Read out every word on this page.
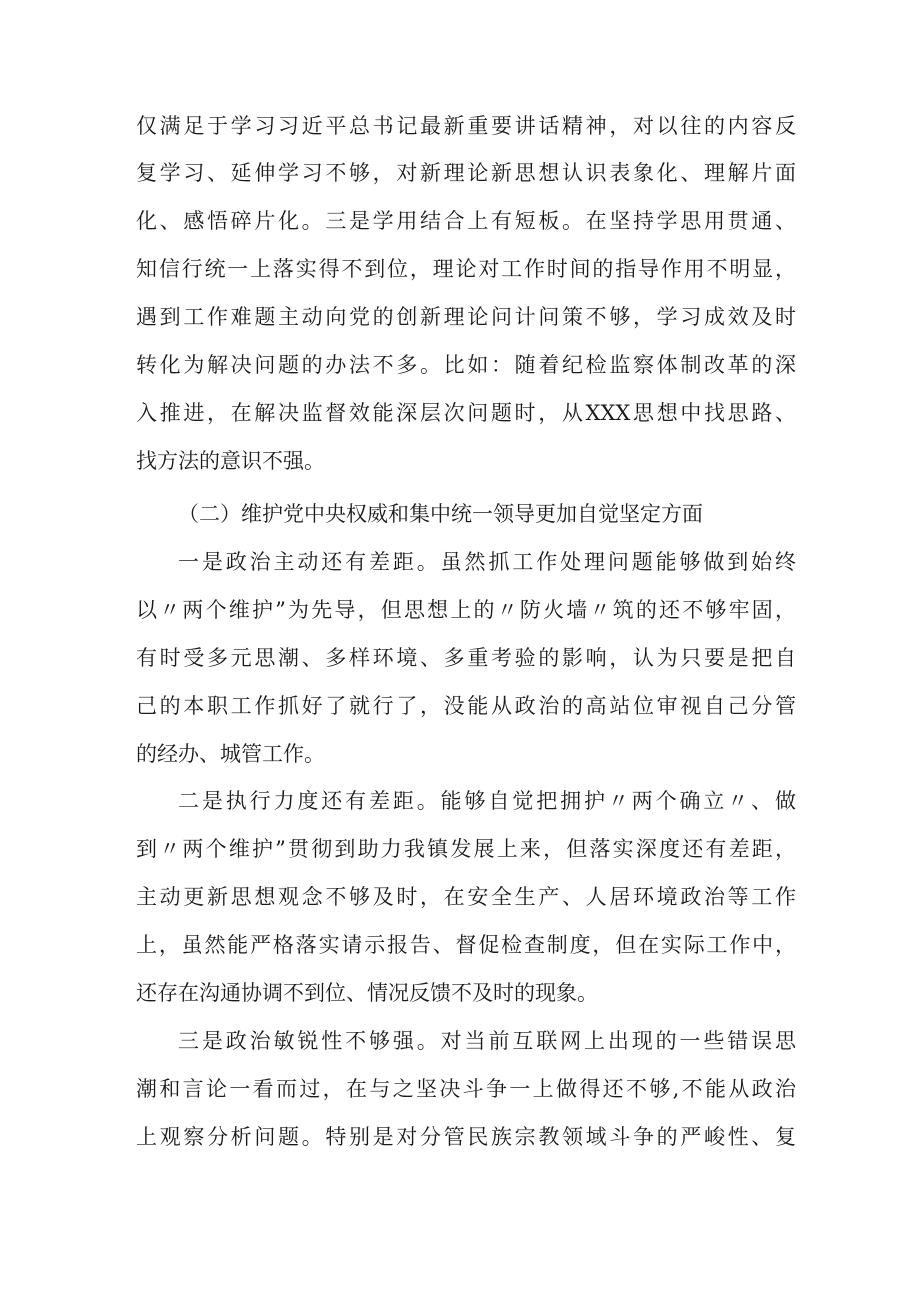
仅满足于学习习近平总书记最新重要讲话精神，对以往的内容反
复学习、延伸学习不够，对新理论新思想认识表象化、理解片面
化、感悟碎片化。三是学用结合上有短板。在坚持学思用贯通、
知信行统一上落实得不到位，理论对工作时间的指导作用不明显，
遇到工作难题主动向党的创新理论问计问策不够，学习成效及时
转化为解决问题的办法不多。比如：随着纪检监察体制改革的深
入推进，在解决监督效能深层次问题时，从XXX思想中找思路、
找方法的意识不强。
（二）维护党中央权威和集中统一领导更加自觉坚定方面
一是政治主动还有差距。虽然抓工作处理问题能够做到始终
以〃两个维护”为先导，但思想上的〃防火墙〃筑的还不够牢固，
有时受多元思潮、多样环境、多重考验的影响，认为只要是把自
己的本职工作抓好了就行了，没能从政治的高站位审视自己分管
的经办、城管工作。
二是执行力度还有差距。能够自觉把拥护〃两个确立〃、做
到〃两个维护”贯彻到助力我镇发展上来，但落实深度还有差距，
主动更新思想观念不够及时，在安全生产、人居环境政治等工作
上，虽然能严格落实请示报告、督促检查制度，但在实际工作中，
还存在沟通协调不到位、情况反馈不及时的现象。
三是政治敏锐性不够强。对当前互联网上出现的一些错误思
潮和言论一看而过，在与之坚决斗争一上做得还不够,不能从政治
上观察分析问题。特别是对分管民族宗教领域斗争的严峻性、复
